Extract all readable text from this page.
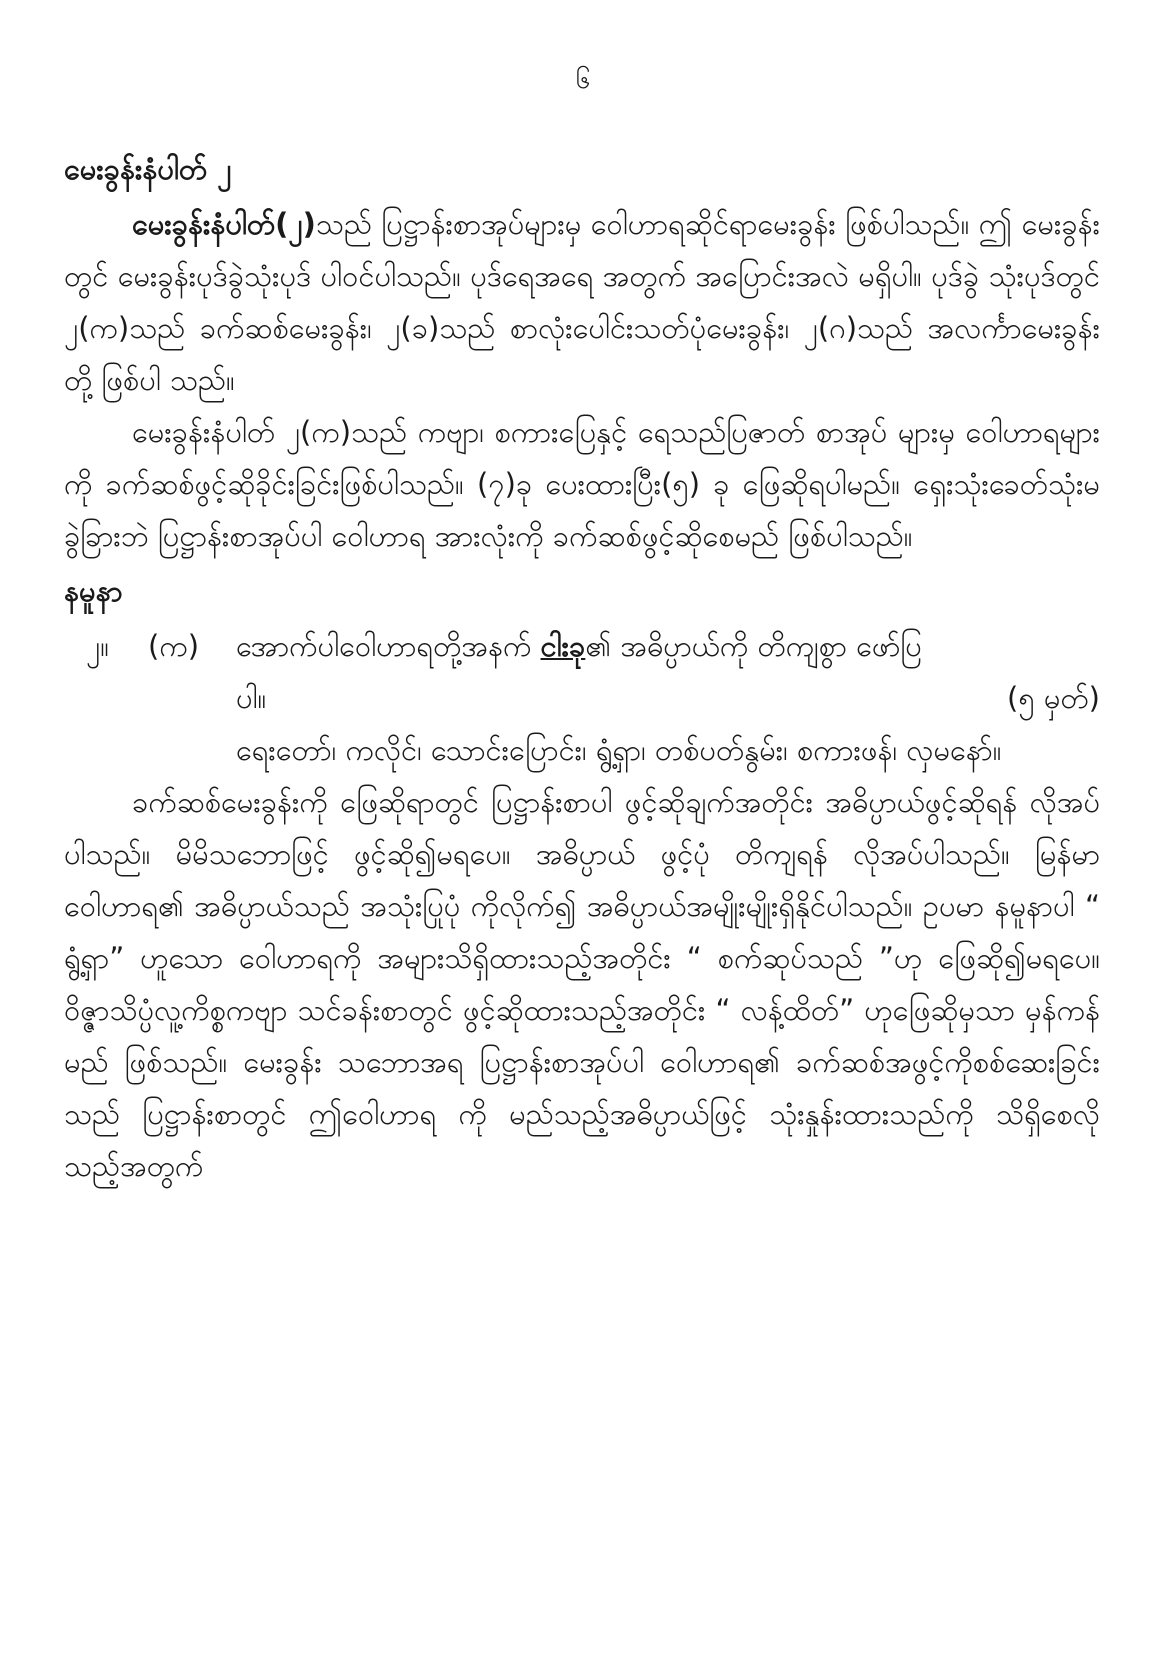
၆
မေးခွန်းနံပါတ် ၂

မေးခွန်းနံပါတ်(၂)သည် ပြဋ္ဌာန်းစာအုပ်များမှ ဝေါဟာရဆိုင်ရာမေးခွန်း ဖြစ်ပါသည်။ ဤ မေးခွန်းတွင် မေးခွန်းပုဒ်ခွဲသုံးပုဒ် ပါဝင်ပါသည်။ ပုဒ်ရေအရေ အတွက် အပြောင်းအလဲ မရှိပါ။ ပုဒ်ခွဲ သုံးပုဒ်တွင် ၂(က)သည် ခက်ဆစ်မေးခွန်း၊ ၂(ခ)သည် စာလုံးပေါင်းသတ်ပုံမေးခွန်း၊ ၂(ဂ)သည် အလင်္ကာမေးခွန်းတို့ ဖြစ်ပါ သည်။

မေးခွန်းနံပါတ် ၂(က)သည် ကဗျာ၊ စကားပြေနှင့် ရေသည်ပြဇာတ် စာအုပ် များမှ ဝေါဟာရများကို ခက်ဆစ်ဖွင့်ဆိုခိုင်းခြင်းဖြစ်ပါသည်။ (၇)ခု ပေးထားပြီး(၅) ခု ဖြေဆိုရပါမည်။ ရှေးသုံးခေတ်သုံးမခွဲခြားဘဲ ပြဋ္ဌာန်းစာအုပ်ပါ ဝေါဟာရ အားလုံးကို ခက်ဆစ်ဖွင့်ဆိုစေမည် ဖြစ်ပါသည်။

နမူနာ
၂။	(က)	အောက်ပါဝေါဟာရတို့အနက် ငါးခု၏ အဓိပ္ပာယ်ကို တိကျစွာ ဖော်ပြ
ပါ။	(၅ မှတ်)
ရေးတော်၊ ကလိုင်၊ သောင်းပြောင်း၊ ရွံ့ရှာ၊ တစ်ပတ်နွမ်း၊ စကားဖန်၊ လှမနော်။

ခက်ဆစ်မေးခွန်းကို ဖြေဆိုရာတွင် ပြဋ္ဌာန်းစာပါ ဖွင့်ဆိုချက်အတိုင်း အဓိပ္ပာယ်ဖွင့်ဆိုရန် လိုအပ်ပါသည်။ မိမိသဘောဖြင့် ဖွင့်ဆို၍မရပေ။ အဓိပ္ပာယ် ဖွင့်ပုံ တိကျရန် လိုအပ်ပါသည်။ မြန်မာဝေါဟာရ၏ အဓိပ္ပာယ်သည် အသုံးပြုပုံ ကိုလိုက်၍ အဓိပ္ပာယ်အမျိုးမျိုးရှိနိုင်ပါသည်။ ဥပမာ နမူနာပါ “ ရွံ့ရှာ” ဟူသော ဝေါဟာရကို အများသိရှိထားသည့်အတိုင်း “ စက်ဆုပ်သည် ”ဟု ဖြေဆို၍မရပေ။ ဝိဇ္ဇာသိပ္ပံလူ့ကိစ္စကဗျာ သင်ခန်းစာတွင် ဖွင့်ဆိုထားသည့်အတိုင်း “ လန့်ထိတ်” ဟုဖြေဆိုမှသာ မှန်ကန်မည် ဖြစ်သည်။ မေးခွန်း သဘောအရ ပြဋ္ဌာန်းစာအုပ်ပါ ဝေါဟာရ၏ ခက်ဆစ်အဖွင့်ကိုစစ်ဆေးခြင်းသည် ပြဋ္ဌာန်းစာတွင် ဤဝေါဟာရ ကို မည်သည့်အဓိပ္ပာယ်ဖြင့် သုံးနှုန်းထားသည်ကို သိရှိစေလိုသည့်အတွက်
